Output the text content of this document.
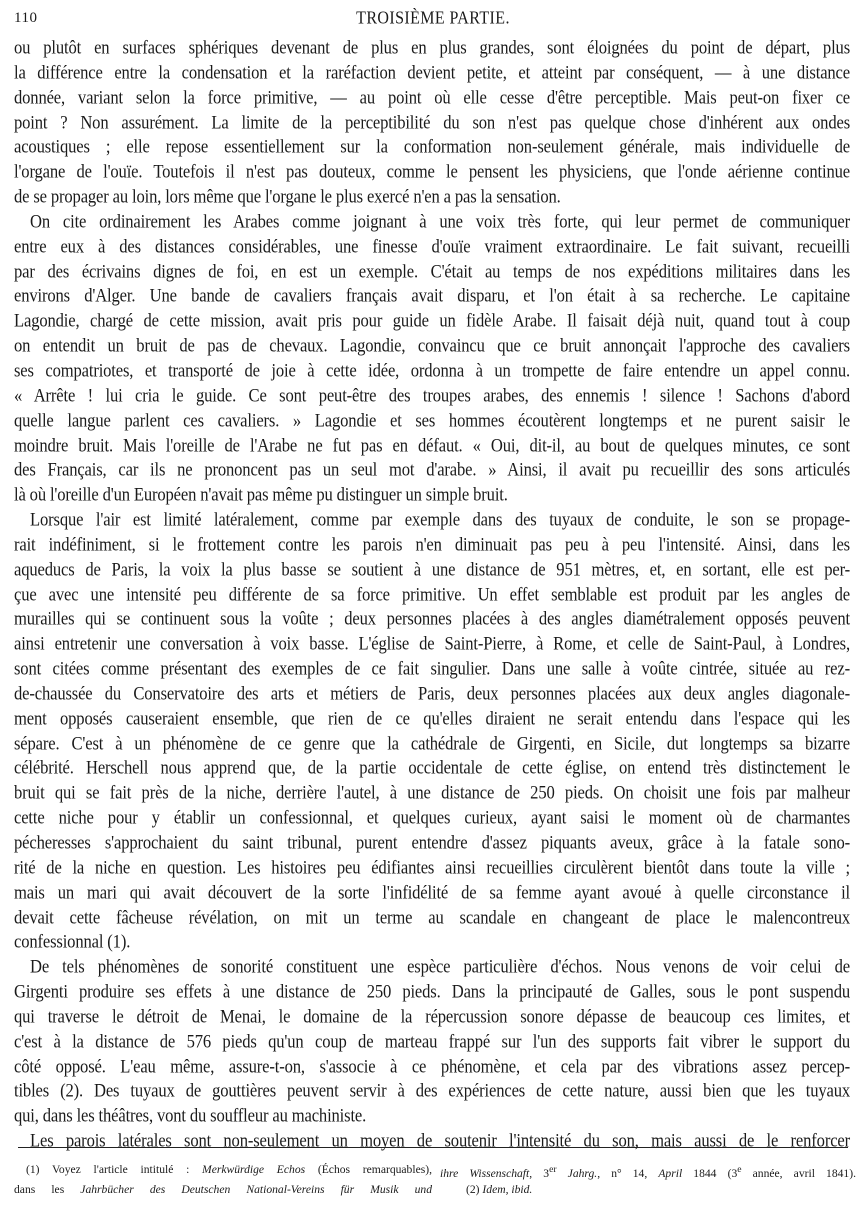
110	TROISIÈME PARTIE.
ou plutôt en surfaces sphériques devenant de plus en plus grandes, sont éloignées du point de départ, plus
la différence entre la condensation et la raréfaction devient petite, et atteint par conséquent, — à une distance
donnée, variant selon la force primitive, — au point où elle cesse d'être perceptible. Mais peut-on fixer ce
point ? Non assurément. La limite de la perceptibilité du son n'est pas quelque chose d'inhérent aux ondes
acoustiques ; elle repose essentiellement sur la conformation non-seulement générale, mais individuelle de
l'organe de l'ouïe. Toutefois il n'est pas douteux, comme le pensent les physiciens, que l'onde aérienne continue
de se propager au loin, lors même que l'organe le plus exercé n'en a pas la sensation.
On cite ordinairement les Arabes comme joignant à une voix très forte, qui leur permet de communiquer
entre eux à des distances considérables, une finesse d'ouïe vraiment extraordinaire. Le fait suivant, recueilli
par des écrivains dignes de foi, en est un exemple. C'était au temps de nos expéditions militaires dans les
environs d'Alger. Une bande de cavaliers français avait disparu, et l'on était à sa recherche. Le capitaine
Lagondie, chargé de cette mission, avait pris pour guide un fidèle Arabe. Il faisait déjà nuit, quand tout à coup
on entendit un bruit de pas de chevaux. Lagondie, convaincu que ce bruit annonçait l'approche des cavaliers
ses compatriotes, et transporté de joie à cette idée, ordonna à un trompette de faire entendre un appel connu.
« Arrête ! lui cria le guide. Ce sont peut-être des troupes arabes, des ennemis ! silence ! Sachons d'abord
quelle langue parlent ces cavaliers. » Lagondie et ses hommes écoutèrent longtemps et ne purent saisir le
moindre bruit. Mais l'oreille de l'Arabe ne fut pas en défaut. « Oui, dit-il, au bout de quelques minutes, ce sont
des Français, car ils ne prononcent pas un seul mot d'arabe. » Ainsi, il avait pu recueillir des sons articulés
là où l'oreille d'un Européen n'avait pas même pu distinguer un simple bruit.
Lorsque l'air est limité latéralement, comme par exemple dans des tuyaux de conduite, le son se propage-
rait indéfiniment, si le frottement contre les parois n'en diminuait pas peu à peu l'intensité. Ainsi, dans les
aqueducs de Paris, la voix la plus basse se soutient à une distance de 951 mètres, et, en sortant, elle est per-
çue avec une intensité peu différente de sa force primitive. Un effet semblable est produit par les angles de
murailles qui se continuent sous la voûte ; deux personnes placées à des angles diamétralement opposés peuvent
ainsi entretenir une conversation à voix basse. L'église de Saint-Pierre, à Rome, et celle de Saint-Paul, à Londres,
sont citées comme présentant des exemples de ce fait singulier. Dans une salle à voûte cintrée, située au rez-
de-chaussée du Conservatoire des arts et métiers de Paris, deux personnes placées aux deux angles diagonale-
ment opposés causeraient ensemble, que rien de ce qu'elles diraient ne serait entendu dans l'espace qui les
sépare. C'est à un phénomène de ce genre que la cathédrale de Girgenti, en Sicile, dut longtemps sa bizarre
célébrité. Herschell nous apprend que, de la partie occidentale de cette église, on entend très distinctement le
bruit qui se fait près de la niche, derrière l'autel, à une distance de 250 pieds. On choisit une fois par malheur
cette niche pour y établir un confessionnal, et quelques curieux, ayant saisi le moment où de charmantes
pécheresses s'approchaient du saint tribunal, purent entendre d'assez piquants aveux, grâce à la fatale sono-
rité de la niche en question. Les histoires peu édifiantes ainsi recueillies circulèrent bientôt dans toute la ville ;
mais un mari qui avait découvert de la sorte l'infidélité de sa femme ayant avoué à quelle circonstance il
devait cette fâcheuse révélation, on mit un terme au scandale en changeant de place le malencontreux
confessionnal (1).
De tels phénomènes de sonorité constituent une espèce particulière d'échos. Nous venons de voir celui de
Girgenti produire ses effets à une distance de 250 pieds. Dans la principauté de Galles, sous le pont suspendu
qui traverse le détroit de Menai, le domaine de la répercussion sonore dépasse de beaucoup ces limites, et
c'est à la distance de 576 pieds qu'un coup de marteau frappé sur l'un des supports fait vibrer le support du
côté opposé. L'eau même, assure-t-on, s'associe à ce phénomène, et cela par des vibrations assez percep-
tibles (2). Des tuyaux de gouttières peuvent servir à des expériences de cette nature, aussi bien que les tuyaux
qui, dans les théâtres, vont du souffleur au machiniste.
Les parois latérales sont non-seulement un moyen de soutenir l'intensité du son, mais aussi de le renforcer
(1) Voyez l'article intitulé : Merkwürdige Echos (Échos remarquables),
dans les Jahrbücher des Deutschen National-Vereins für Musik und
ihre Wissenschaft, 3er Jahrg., n° 14, April 1844 (3e année, avril 1841).
(2) Idem, ibid.
